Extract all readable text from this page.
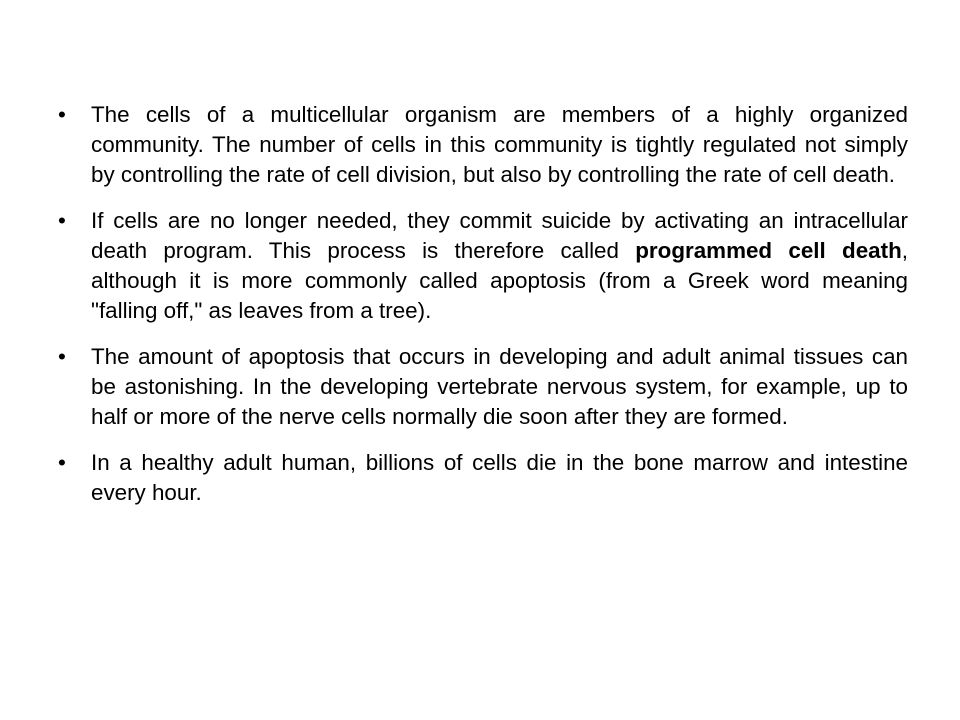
•	The cells of a multicellular organism are members of a highly organized community. The number of cells in this community is tightly regulated not simply by controlling the rate of cell division, but also by controlling the rate of cell death.
•	If cells are no longer needed, they commit suicide by activating an intracellular death program. This process is therefore called programmed cell death, although it is more commonly called apoptosis (from a Greek word meaning "falling off," as leaves from a tree).
•	The amount of apoptosis that occurs in developing and adult animal tissues can be astonishing. In the developing vertebrate nervous system, for example, up to half or more of the nerve cells normally die soon after they are formed.
•	In a healthy adult human, billions of cells die in the bone marrow and intestine every hour.
